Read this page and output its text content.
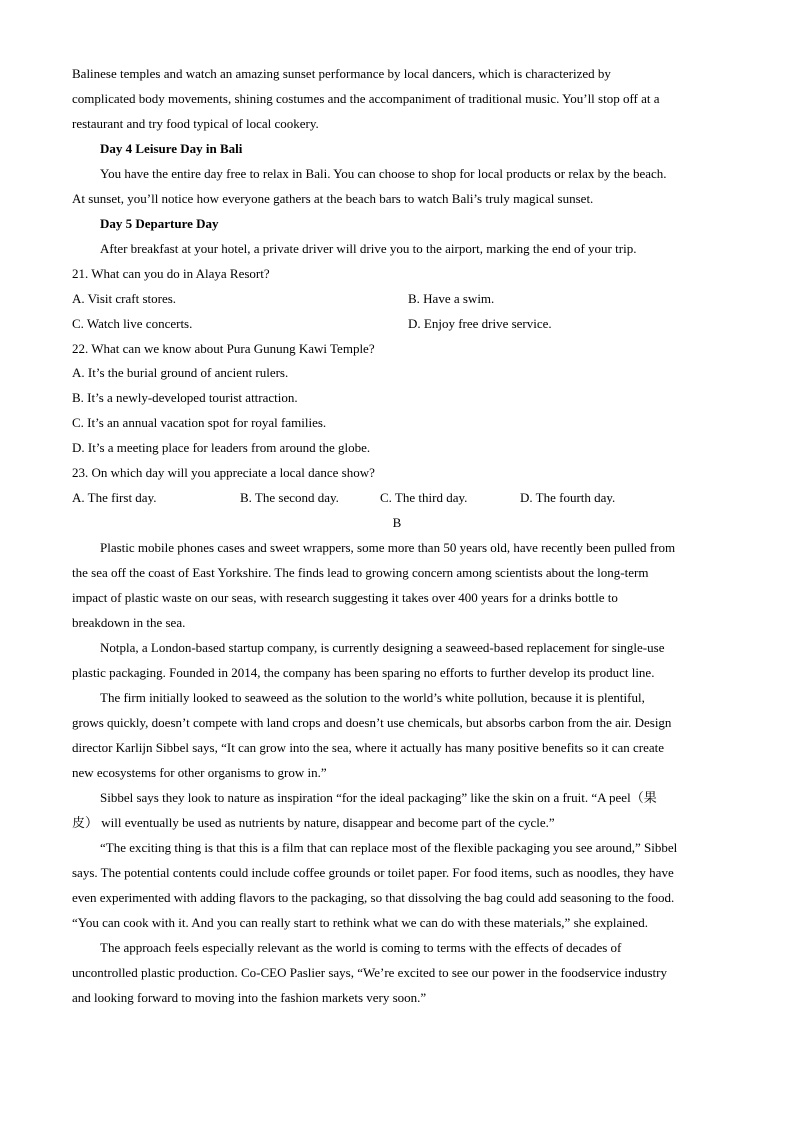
Balinese temples and watch an amazing sunset performance by local dancers, which is characterized by
complicated body movements, shining costumes and the accompaniment of traditional music. You’ll stop off at a
restaurant and try food typical of local cookery.
Day 4 Leisure Day in Bali
You have the entire day free to relax in Bali. You can choose to shop for local products or relax by the beach.
At sunset, you’ll notice how everyone gathers at the beach bars to watch Bali’s truly magical sunset.
Day 5 Departure Day
After breakfast at your hotel, a private driver will drive you to the airport, marking the end of your trip.
21. What can you do in Alaya Resort?
A. Visit craft stores.	B. Have a swim.
C. Watch live concerts.	D. Enjoy free drive service.
22. What can we know about Pura Gunung Kawi Temple?
A. It’s the burial ground of ancient rulers.
B. It’s a newly-developed tourist attraction.
C. It’s an annual vacation spot for royal families.
D. It’s a meeting place for leaders from around the globe.
23. On which day will you appreciate a local dance show?
A. The first day.	B. The second day.	C. The third day.	D. The fourth day.
B
Plastic mobile phones cases and sweet wrappers, some more than 50 years old, have recently been pulled from
the sea off the coast of East Yorkshire. The finds lead to growing concern among scientists about the long-term
impact of plastic waste on our seas, with research suggesting it takes over 400 years for a drinks bottle to
breakdown in the sea.
Notpla, a London-based startup company, is currently designing a seaweed-based replacement for single-use
plastic packaging. Founded in 2014, the company has been sparing no efforts to further develop its product line.
The firm initially looked to seaweed as the solution to the world’s white pollution, because it is plentiful,
grows quickly, doesn’t compete with land crops and doesn’t use chemicals, but absorbs carbon from the air. Design
director Karlijn Sibbel says, “It can grow into the sea, where it actually has many positive benefits so it can create
new ecosystems for other organisms to grow in.”
Sibbel says they look to nature as inspiration “for the ideal packaging” like the skin on a fruit. “A peel（果
皮） will eventually be used as nutrients by nature, disappear and become part of the cycle.”
“The exciting thing is that this is a film that can replace most of the flexible packaging you see around,” Sibbel
says. The potential contents could include coffee grounds or toilet paper. For food items, such as noodles, they have
even experimented with adding flavors to the packaging, so that dissolving the bag could add seasoning to the food.
“You can cook with it. And you can really start to rethink what we can do with these materials,” she explained.
The approach feels especially relevant as the world is coming to terms with the effects of decades of
uncontrolled plastic production. Co-CEO Paslier says, “We’re excited to see our power in the foodservice industry
and looking forward to moving into the fashion markets very soon.”
